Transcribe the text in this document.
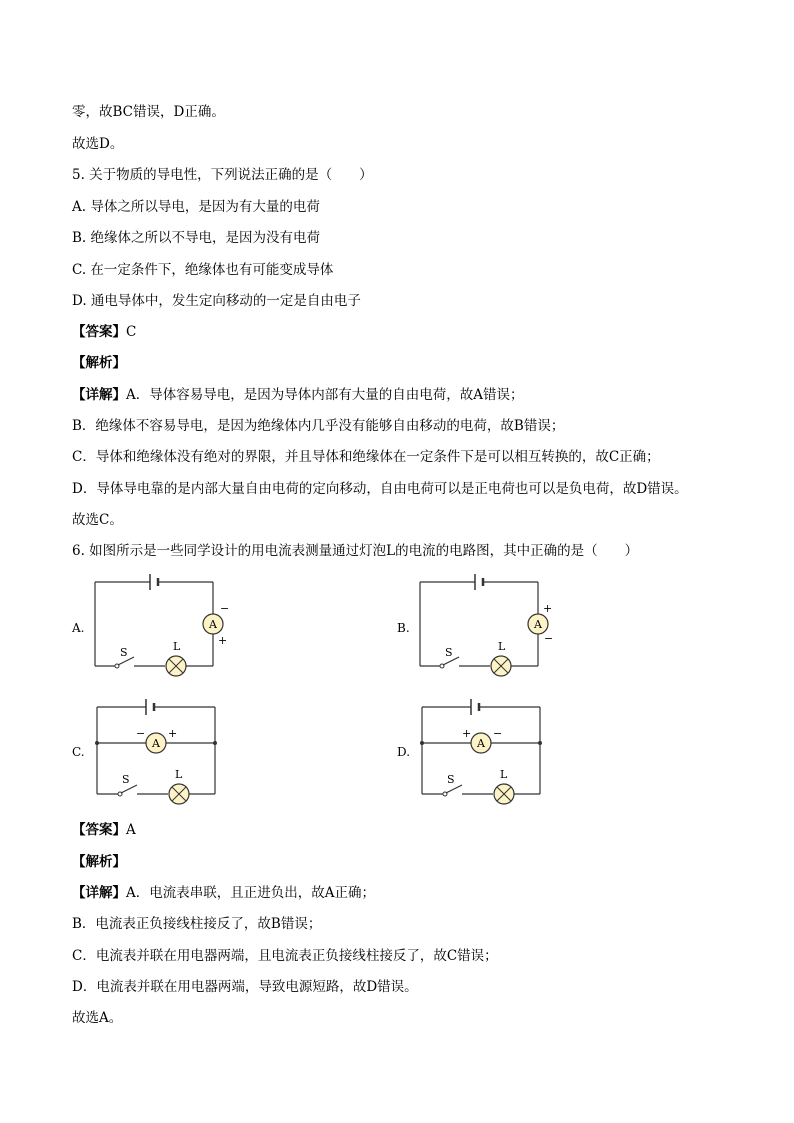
零，故BC错误，D正确。
故选D。
5. 关于物质的导电性，下列说法正确的是（　　）
A. 导体之所以导电，是因为有大量的电荷
B. 绝缘体之所以不导电，是因为没有电荷
C. 在一定条件下，绝缘体也有可能变成导体
D. 通电导体中，发生定向移动的一定是自由电子
【答案】C
【解析】
【详解】A．导体容易导电，是因为导体内部有大量的自由电荷，故A错误；
B．绝缘体不容易导电，是因为绝缘体内几乎没有能够自由移动的电荷，故B错误；
C．导体和绝缘体没有绝对的界限，并且导体和绝缘体在一定条件下是可以相互转换的，故C正确；
D．导体导电靠的是内部大量自由电荷的定向移动，自由电荷可以是正电荷也可以是负电荷，故D错误。
故选C。
6. 如图所示是一些同学设计的用电流表测量通过灯泡L的电流的电路图，其中正确的是（　　）
A.	A
−
+
S	L
B.	A
+
−
S	L
C.
A
− +
S	L
D.
A
+ −
S	L
【答案】A
【解析】
【详解】A．电流表串联，且正进负出，故A正确；
B．电流表正负接线柱接反了，故B错误；
C．电流表并联在用电器两端，且电流表正负接线柱接反了，故C错误；
D．电流表并联在用电器两端，导致电源短路，故D错误。
故选A。
